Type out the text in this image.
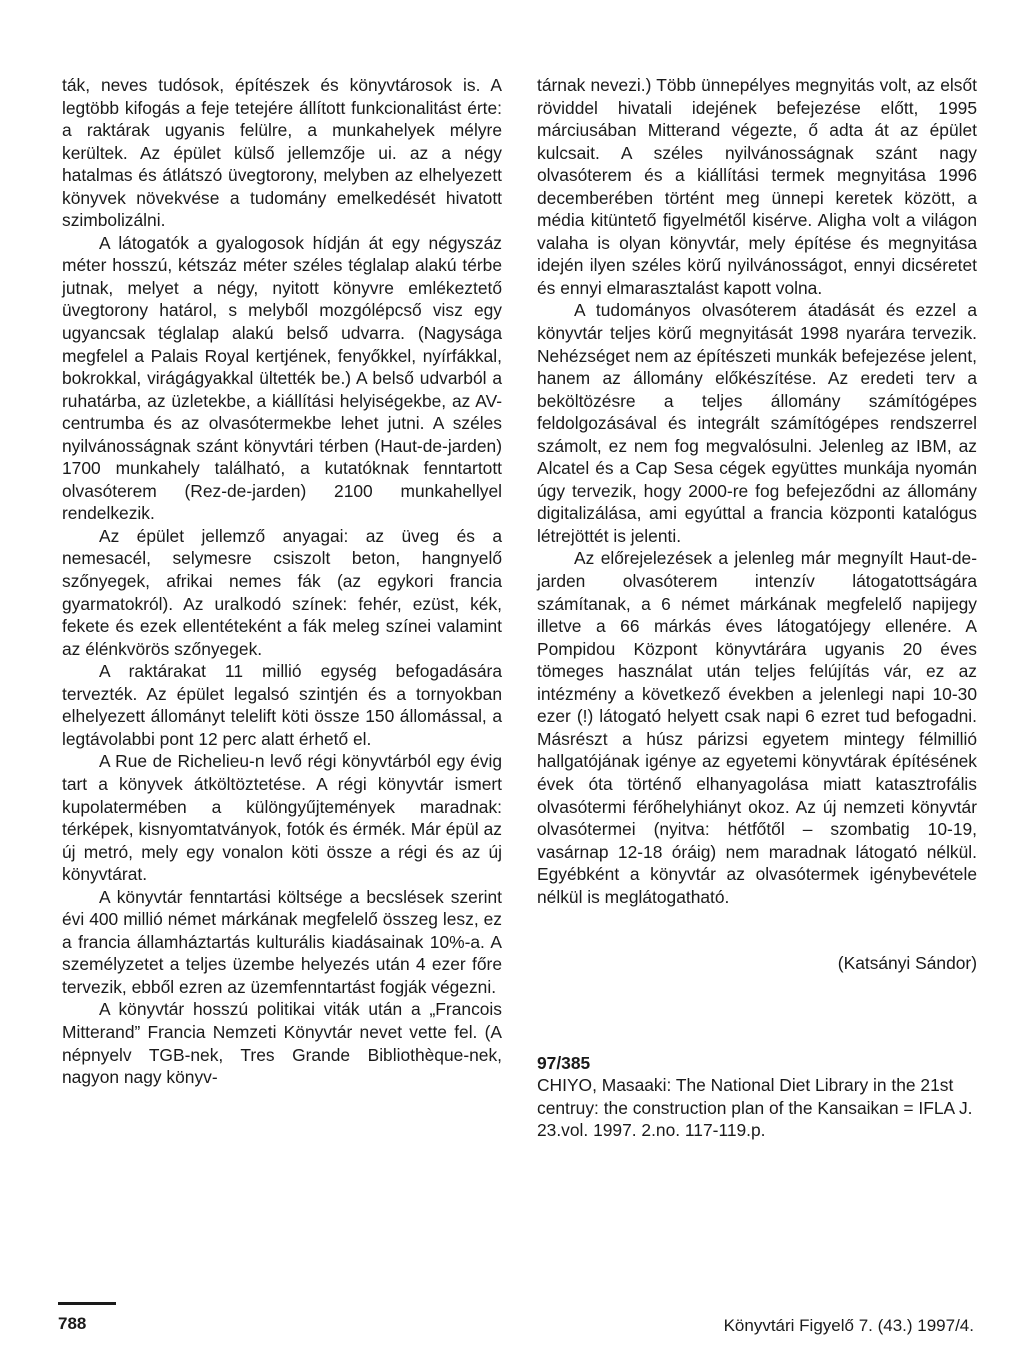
ták, neves tudósok, építészek és könyvtárosok is. A legtöbb kifogás a feje tetejére állított funkcionalitást érte: a raktárak ugyanis felülre, a munkahelyek mélyre kerültek. Az épület külső jellemzője ui. az a négy hatalmas és átlátszó üvegtorony, melyben az elhelyezett könyvek növekvése a tudomány emelkedését hivatott szimbolizálni.

A látogatók a gyalogosok hídján át egy négyszáz méter hosszú, kétszáz méter széles téglalap alakú térbe jutnak, melyet a négy, nyitott könyvre emlékeztető üvegtorony határol, s melyből mozgólépcső visz egy ugyancsak téglalap alakú belső udvarra. (Nagysága megfelel a Palais Royal kertjének, fenyőkkel, nyírfákkal, bokrokkal, virágágyakkal ültették be.) A belső udvarból a ruhatárba, az üzletekbe, a kiállítási helyiségekbe, az AV-centrumba és az olvasótermekbe lehet jutni. A széles nyilvánosságnak szánt könyvtári térben (Haut-de-jarden) 1700 munkahely található, a kutatóknak fenntartott olvasóterem (Rez-de-jarden) 2100 munkahellyel rendelkezik.

Az épület jellemző anyagai: az üveg és a nemesacél, selymesre csiszolt beton, hangnyelő szőnyegek, afrikai nemes fák (az egykori francia gyarmatokról). Az uralkodó színek: fehér, ezüst, kék, fekete és ezek ellentéteként a fák meleg színei valamint az élénkvörös szőnyegek.

A raktárakat 11 millió egység befogadására tervezték. Az épület legalsó szintjén és a tornyokban elhelyezett állományt telelift köti össze 150 állomással, a legtávolabbi pont 12 perc alatt érhető el.

A Rue de Richelieu-n levő régi könyvtárból egy évig tart a könyvek átköltöztetése. A régi könyvtár ismert kupolatermében a különgyűjtemények maradnak: térképek, kisnyomtatványok, fotók és érmék. Már épül az új metró, mely egy vonalon köti össze a régi és az új könyvtárat.

A könyvtár fenntartási költsége a becslések szerint évi 400 millió német márkának megfelelő összeg lesz, ez a francia államháztartás kulturális kiadásainak 10%-a. A személyzetet a teljes üzembe helyezés után 4 ezer főre tervezik, ebből ezren az üzemfenntartást fogják végezni.

A könyvtár hosszú politikai viták után a „Francois Mitterand” Francia Nemzeti Könyvtár nevet vette fel. (A népnyelv TGB-nek, Tres Grande Bibliothèque-nek, nagyon nagy könyv-

tárnak nevezi.) Több ünnepélyes megnyitás volt, az elsőt röviddel hivatali idejének befejezése előtt, 1995 márciusában Mitterand végezte, ő adta át az épület kulcsait. A széles nyilvánosságnak szánt nagy olvasóterem és a kiállítási termek megnyitása 1996 decemberében történt meg ünnepi keretek között, a média kitüntető figyelmétől kisérve. Aligha volt a világon valaha is olyan könyvtár, mely építése és megnyitása idején ilyen széles körű nyilvánosságot, ennyi dicséretet és ennyi elmarasztalást kapott volna.

A tudományos olvasóterem átadását és ezzel a könyvtár teljes körű megnyitását 1998 nyarára tervezik. Nehézséget nem az építészeti munkák befejezése jelent, hanem az állomány előkészítése. Az eredeti terv a beköltözésre a teljes állomány számítógépes feldolgozásával és integrált számítógépes rendszerrel számolt, ez nem fog megvalósulni. Jelenleg az IBM, az Alcatel és a Cap Sesa cégek együttes munkája nyomán úgy tervezik, hogy 2000-re fog befejeződni az állomány digitalizálása, ami egyúttal a francia központi katalógus létrejöttét is jelenti.

Az előrejelezések a jelenleg már megnyílt Haut-de-jarden olvasóterem intenzív látogatottságára számítanak, a 6 német márkának megfelelő napijegy illetve a 66 márkás éves látogatójegy ellenére. A Pompidou Központ könyvtárára ugyanis 20 éves tömeges használat után teljes felújítás vár, ez az intézmény a következő években a jelenlegi napi 10-30 ezer (!) látogató helyett csak napi 6 ezret tud befogadni. Másrészt a húsz párizsi egyetem mintegy félmillió hallgatójának igénye az egyetemi könyvtárak építésének évek óta történő elhanyagolása miatt katasztrofális olvasótermi férőhelyhiányt okoz. Az új nemzeti könyvtár olvasótermei (nyitva: hétfőtől – szombatig 10-19, vasárnap 12-18 óráig) nem maradnak látogató nélkül. Egyébként a könyvtár az olvasótermek igénybevétele nélkül is meglátogatható.

(Katsányi Sándor)

97/385

CHIYO, Masaaki: The National Diet Library in the 21st centruy: the construction plan of the Kansaikan = IFLA J. 23.vol. 1997. 2.no. 117-119.p.

788	Könyvtári Figyelő 7. (43.) 1997/4.
